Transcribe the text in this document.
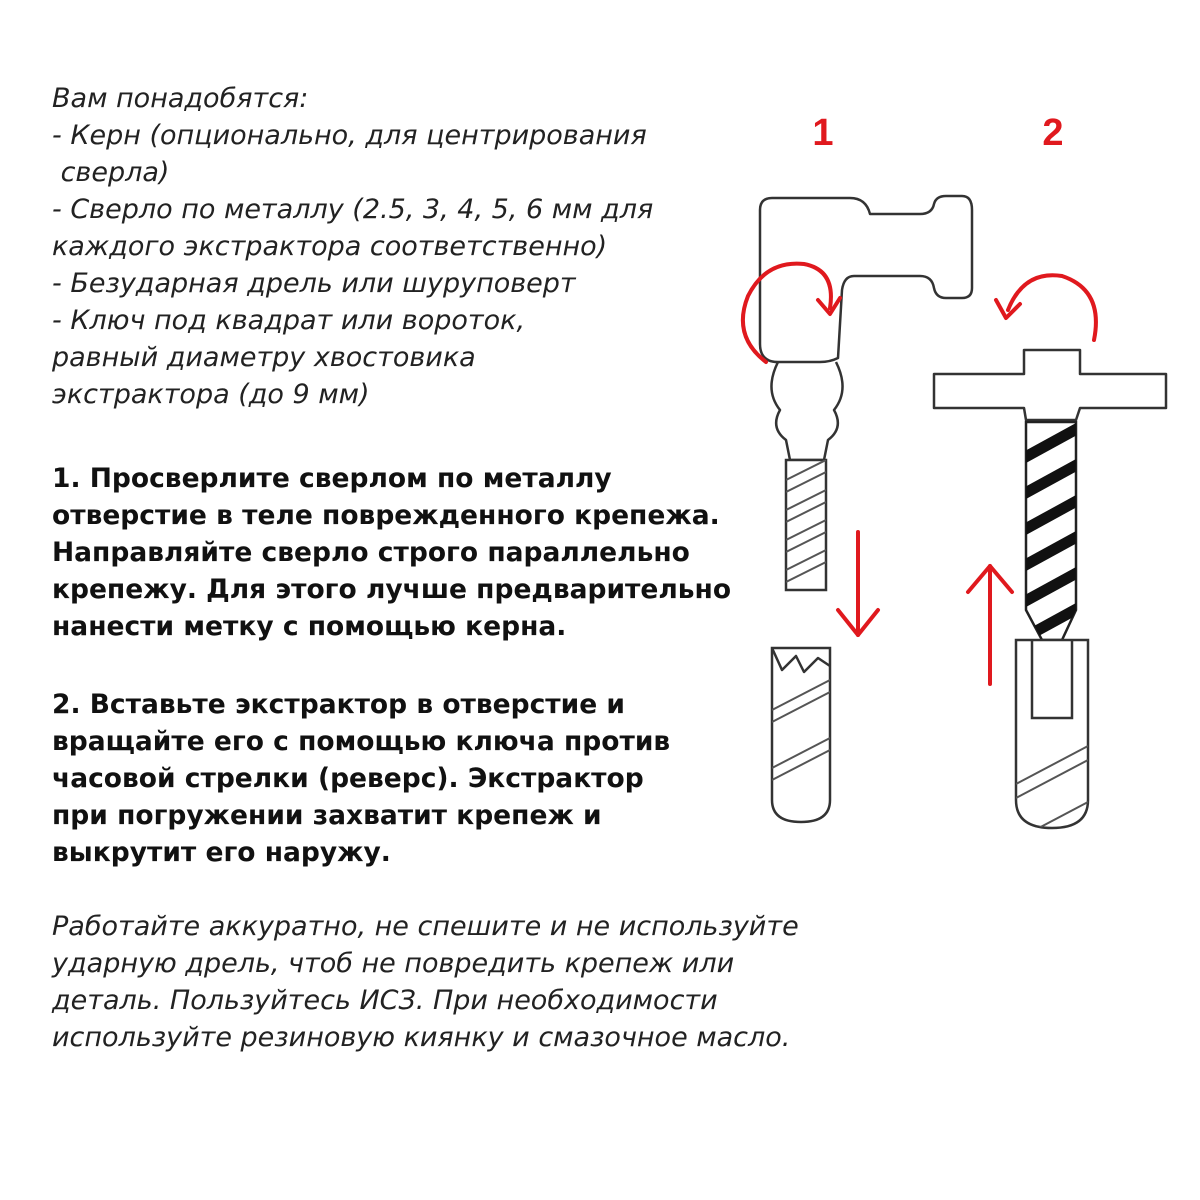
Вам понадобятся:
- Керн (опционально, для центрирования
сверла)
- Сверло по металлу (2.5, 3, 4, 5, 6 мм для
каждого экстрактора соответственно)
- Безударная дрель или шуруповерт
- Ключ под квадрат или вороток,
равный диаметру хвостовика
экстрактора (до 9 мм)
1. Просверлите сверлом по металлу
отверстие в теле поврежденного крепежа.
Направляйте сверло строго параллельно
крепежу. Для этого лучше предварительно
нанести метку с помощью керна.
2. Вставьте экстрактор в отверстие и
вращайте его с помощью ключа против
часовой стрелки (реверс). Экстрактор
при погружении захватит крепеж и
выкрутит его наружу.
Работайте аккуратно, не спешите и не используйте
ударную дрель, чтоб не повредить крепеж или
деталь. Пользуйтесь ИСЗ. При необходимости
используйте резиновую киянку и смазочное масло.
1	2
